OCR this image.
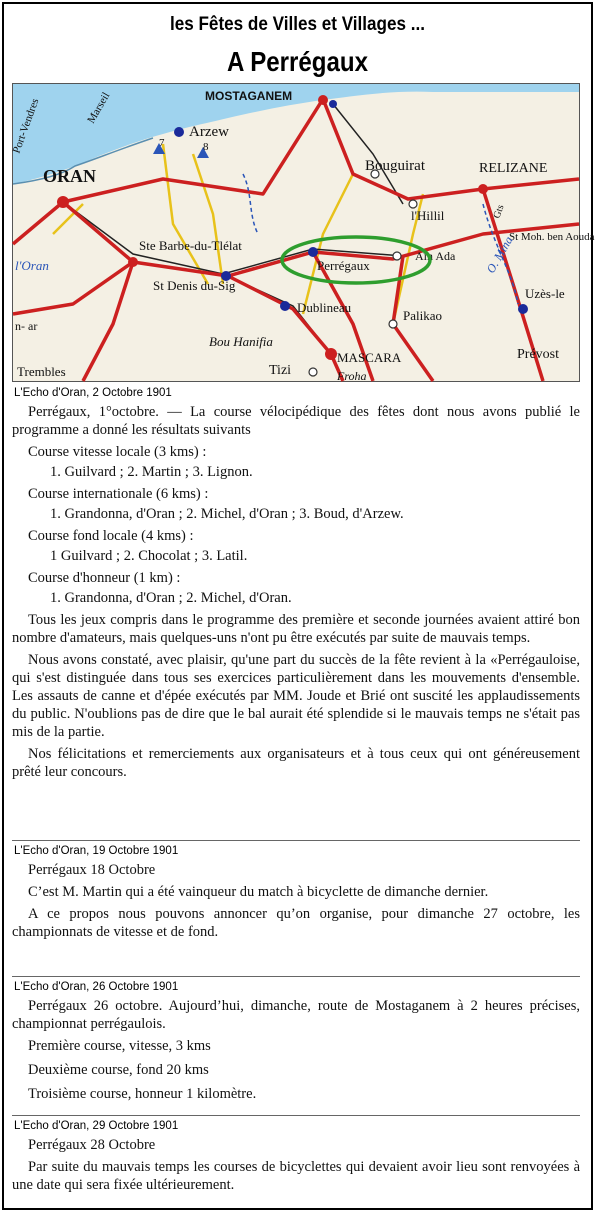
les Fêtes de Villes et Villages ...
A Perrégaux
MOSTAGANEM
Arzew
ORAN
Port-Vendres	Marseil
Bouguirat	RELIZANE
l'Hillil
Ste Barbe-du-Tlélat
l'Oran	Perrégaux
Aïn Ada
St Moh. ben Aouda
O. Mina
Gts
St Denis du-Sig
Dublineau
Palikao
Uzès-le
Bou Hanifia
Tizi
MASCARA
Froha
Prévost
Trembles
n- ar
7	8
L'Echo d'Oran, 2 Octobre 1901

Perrégaux, 1°octobre. — La course vélocipédique des fêtes dont nous avons publié le programme a donné les résultats suivants

Course vitesse locale (3 kms) :

1. Guilvard ; 2. Martin ; 3. Lignon.

Course internationale (6 kms) :

1. Grandonna, d'Oran ; 2. Michel, d'Oran ; 3. Boud, d'Arzew.

Course fond locale (4 kms) :

1 Guilvard ; 2. Chocolat ; 3. Latil.

Course d'honneur (1 km) :

1. Grandonna, d'Oran ; 2. Michel, d'Oran.

Tous les jeux compris dans le programme des première et seconde journées avaient attiré bon nombre d'amateurs, mais quelques-uns n'ont pu être exécutés par suite de mauvais temps.

Nous avons constaté, avec plaisir, qu'une part du succès de la fête revient à la «Perrégauloise, qui s'est distinguée dans tous ses exercices particulièrement dans les mouvements d'ensemble. Les assauts de canne et d'épée exécutés par MM. Joude et Brié ont suscité les applaudissements du public. N'oublions pas de dire que le bal aurait été splendide si le mauvais temps ne s'était pas mis de la partie.

Nos félicitations et remerciements aux organisateurs et à tous ceux qui ont généreusement prêté leur concours.

L'Echo d'Oran, 19 Octobre 1901

Perrégaux 18 Octobre

C’est M. Martin qui a été vainqueur du match à bicyclette de dimanche dernier.

A ce propos nous pouvons annoncer qu’on organise, pour dimanche 27 octobre, les championnats de vitesse et de fond.

L'Echo d'Oran, 26 Octobre 1901

Perrégaux 26 octobre. Aujourd’hui, dimanche, route de Mostaganem à 2 heures précises, championnat perrégaulois.

Première course, vitesse, 3 kms

Deuxième course, fond 20 kms

Troisième course, honneur 1 kilomètre.

L'Echo d'Oran, 29 Octobre 1901

Perrégaux 28 Octobre

Par suite du mauvais temps les courses de bicyclettes qui devaient avoir lieu sont renvoyées à une date qui sera fixée ultérieurement.
